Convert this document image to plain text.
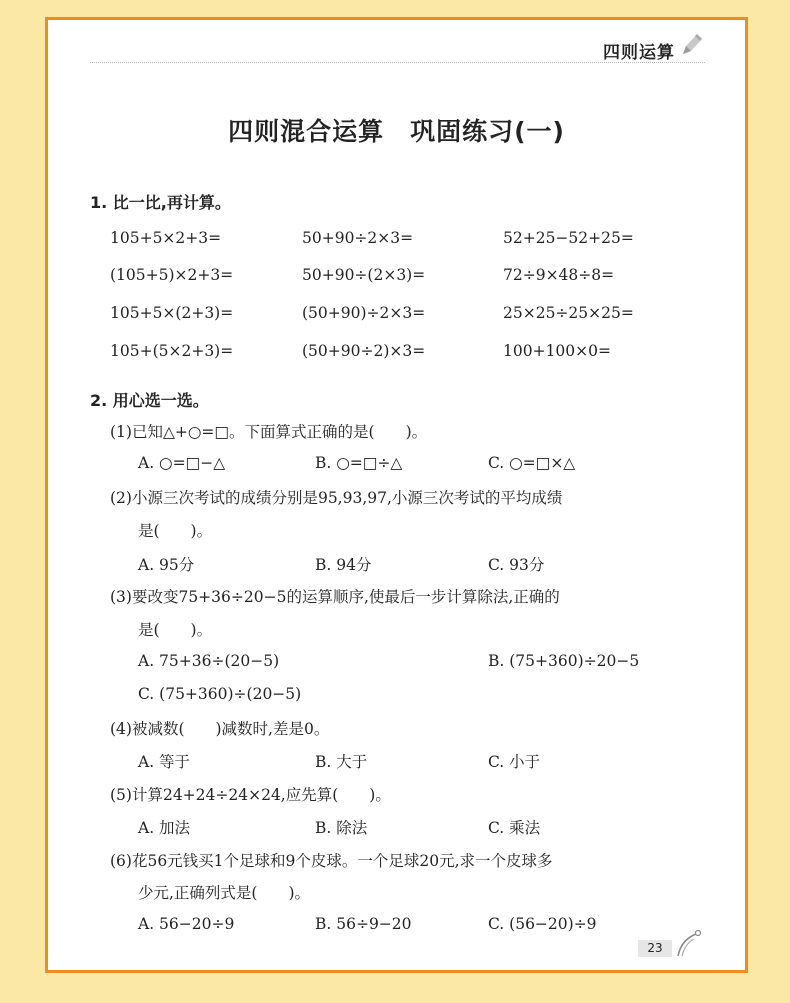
四则运算
四则混合运算　巩固练习(一)
1. 比一比,再计算。
105+5×2+3=	50+90÷2×3=	52+25−52+25=
(105+5)×2+3=	50+90÷(2×3)=	72÷9×48÷8=
105+5×(2+3)=	(50+90)÷2×3=	25×25÷25×25=
105+(5×2+3)=	(50+90÷2)×3=	100+100×0=
2. 用心选一选。
(1)已知△+○=□。下面算式正确的是(　　)。
A. ○=□−△	B. ○=□÷△	C. ○=□×△
(2)小源三次考试的成绩分别是95,93,97,小源三次考试的平均成绩
是(　　)。
A. 95分	B. 94分	C. 93分
(3)要改变75+36÷20−5的运算顺序,使最后一步计算除法,正确的
是(　　)。
A. 75+36÷(20−5)	B. (75+360)÷20−5
C. (75+360)÷(20−5)
(4)被减数(　　)减数时,差是0。
A. 等于	B. 大于	C. 小于
(5)计算24+24÷24×24,应先算(　　)。
A. 加法	B. 除法	C. 乘法
(6)花56元钱买1个足球和9个皮球。一个足球20元,求一个皮球多
少元,正确列式是(　　)。
A. 56−20÷9	B. 56÷9−20	C. (56−20)÷9
23
